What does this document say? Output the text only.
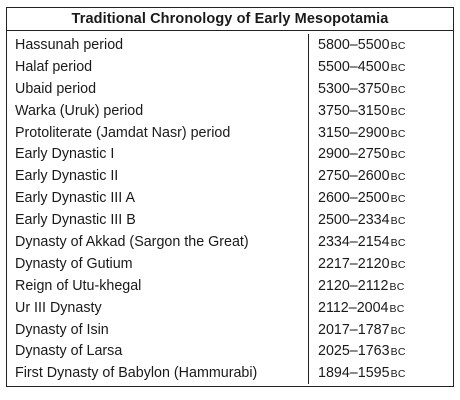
Traditional Chronology of Early Mesopotamia
Hassunah period	5800–5500 BC
Halaf period	5500–4500 BC
Ubaid period	5300–3750 BC
Warka (Uruk) period	3750–3150 BC
Protoliterate (Jamdat Nasr) period	3150–2900 BC
Early Dynastic I	2900–2750 BC
Early Dynastic II	2750–2600 BC
Early Dynastic III A	2600–2500 BC
Early Dynastic III B	2500–2334 BC
Dynasty of Akkad (Sargon the Great)	2334–2154 BC
Dynasty of Gutium	2217–2120 BC
Reign of Utu-khegal	2120–2112 BC
Ur III Dynasty	2112–2004 BC
Dynasty of Isin	2017–1787 BC
Dynasty of Larsa	2025–1763 BC
First Dynasty of Babylon (Hammurabi)	1894–1595 BC
